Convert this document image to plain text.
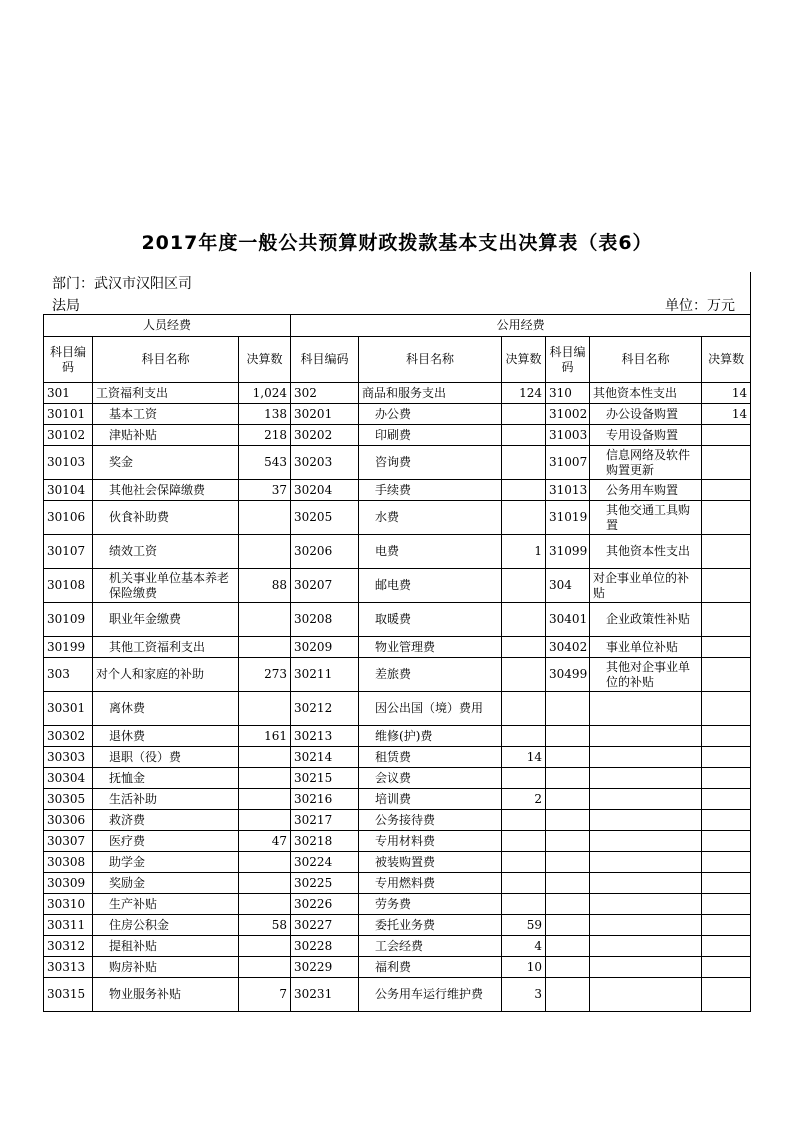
2017年度一般公共预算财政拨款基本支出决算表（表6）
部门：武汉市汉阳区司
法局	单位：万元
人员经费			公用经费					
科目编码	科目名称	决算数	科目编码	科目名称	决算数	科目编码	科目名称	决算数
301	工资福利支出	1,024	302	商品和服务支出	124	310	其他资本性支出	14
30101	基本工资	138	30201	办公费		31002	办公设备购置	14
30102	津贴补贴	218	30202	印刷费		31003	专用设备购置	
30103	奖金	543	30203	咨询费		31007	信息网络及软件购置更新	
30104	其他社会保障缴费	37	30204	手续费		31013	公务用车购置	
30106	伙食补助费		30205	水费		31019	其他交通工具购置	
30107	绩效工资		30206	电费	1	31099	其他资本性支出	
30108	机关事业单位基本养老保险缴费	88	30207	邮电费		304	对企事业单位的补贴	
30109	职业年金缴费		30208	取暖费		30401	企业政策性补贴	
30199	其他工资福利支出		30209	物业管理费		30402	事业单位补贴	
303	对个人和家庭的补助	273	30211	差旅费		30499	其他对企事业单位的补贴	
30301	离休费		30212	因公出国（境）费用				
30302	退休费	161	30213	维修(护)费				
30303	退职（役）费		30214	租赁费	14			
30304	抚恤金		30215	会议费				
30305	生活补助		30216	培训费	2			
30306	救济费		30217	公务接待费				
30307	医疗费	47	30218	专用材料费				
30308	助学金		30224	被装购置费				
30309	奖励金		30225	专用燃料费				
30310	生产补贴		30226	劳务费				
30311	住房公积金	58	30227	委托业务费	59			
30312	提租补贴		30228	工会经费	4			
30313	购房补贴		30229	福利费	10			
30315	物业服务补贴	7	30231	公务用车运行维护费	3			
